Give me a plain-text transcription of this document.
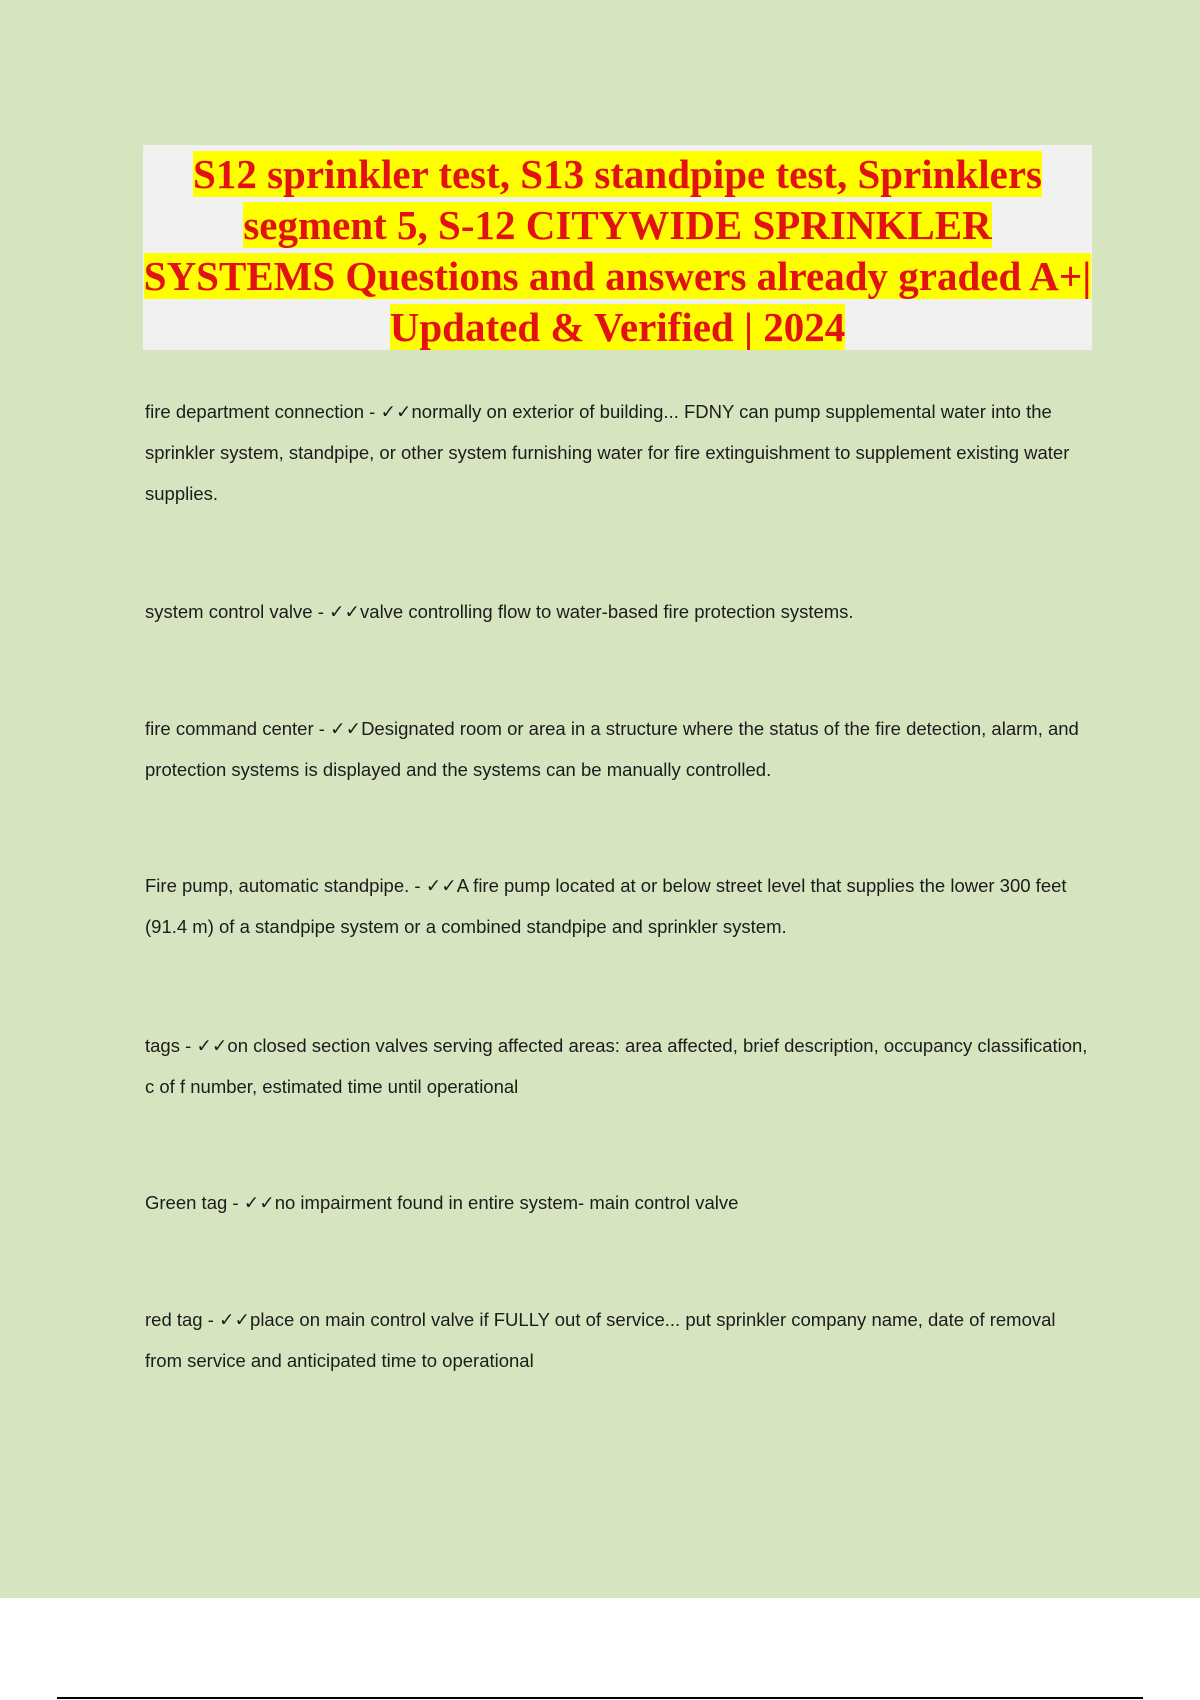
S12 sprinkler test, S13 standpipe test, Sprinklers segment 5, S-12 CITYWIDE SPRINKLER SYSTEMS Questions and answers already graded A+| Updated & Verified | 2024

fire department connection - ✓✓normally on exterior of building... FDNY can pump supplemental water into the sprinkler system, standpipe, or other system furnishing water for fire extinguishment to supplement existing water supplies.

system control valve - ✓✓valve controlling flow to water-based fire protection systems.

fire command center - ✓✓Designated room or area in a structure where the status of the fire detection, alarm, and protection systems is displayed and the systems can be manually controlled.

Fire pump, automatic standpipe. - ✓✓A fire pump located at or below street level that supplies the lower 300 feet (91.4 m) of a standpipe system or a combined standpipe and sprinkler system.

tags - ✓✓on closed section valves serving affected areas: area affected, brief description, occupancy classification, c of f number, estimated time until operational

Green tag - ✓✓no impairment found in entire system- main control valve

red tag - ✓✓place on main control valve if FULLY out of service... put sprinkler company name, date of removal from service and anticipated time to operational
